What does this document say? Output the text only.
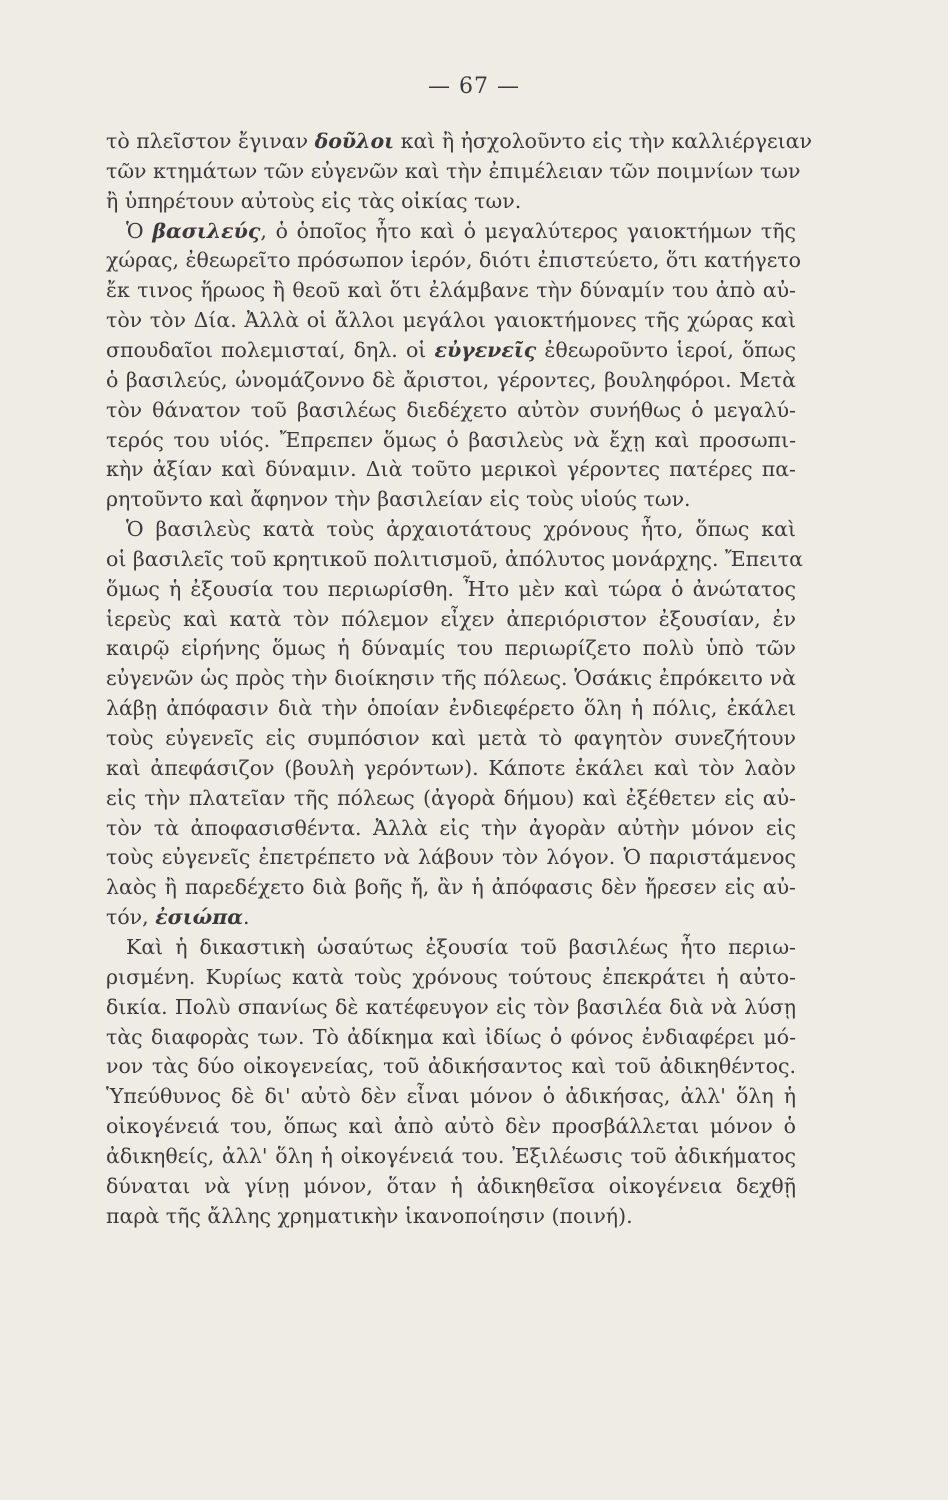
— 67 —
τὸ πλεῖστον ἔγιναν δοῦλοι καὶ ἢ ἠσχολοῦντο εἰς τὴν καλλιέργειαν
τῶν κτημάτων τῶν εὐγενῶν καὶ τὴν ἐπιμέλειαν τῶν ποιμνίων των
ἢ ὑπηρέτουν αὐτοὺς εἰς τὰς οἰκίας των.
Ὁ βασιλεύς, ὁ ὁποῖος ἦτο καὶ ὁ μεγαλύτερος γαιοκτήμων τῆς
χώρας, ἐθεωρεῖτο πρόσωπον ἱερόν, διότι ἐπιστεύετο, ὅτι κατήγετο
ἔκ τινος ἥρωος ἢ θεοῦ καὶ ὅτι ἐλάμβανε τὴν δύναμίν του ἀπὸ αὐ-
τὸν τὸν Δία. Ἀλλὰ οἱ ἄλλοι μεγάλοι γαιοκτήμονες τῆς χώρας καὶ
σπουδαῖοι πολεμισταί, δηλ. οἱ εὐγενεῖς ἐθεωροῦντο ἱεροί, ὅπως
ὁ βασιλεύς, ὠνομάζοννο δὲ ἄριστοι, γέροντες, βουληφόροι. Μετὰ
τὸν θάνατον τοῦ βασιλέως διεδέχετο αὐτὸν συνήθως ὁ μεγαλύ-
τερός του υἱός. Ἔπρεπεν ὅμως ὁ βασιλεὺς νὰ ἔχῃ καὶ προσωπι-
κὴν ἀξίαν καὶ δύναμιν. Διὰ τοῦτο μερικοὶ γέροντες πατέρες πα-
ρητοῦντο καὶ ἄφηνον τὴν βασιλείαν εἰς τοὺς υἱούς των.
Ὁ βασιλεὺς κατὰ τοὺς ἀρχαιοτάτους χρόνους ἦτο, ὅπως καὶ
οἱ βασιλεῖς τοῦ κρητικοῦ πολιτισμοῦ, ἀπόλυτος μονάρχης. Ἔπειτα
ὅμως ἡ ἐξουσία του περιωρίσθη. Ἦτο μὲν καὶ τώρα ὁ ἀνώτατος
ἱερεὺς καὶ κατὰ τὸν πόλεμον εἶχεν ἀπεριόριστον ἐξουσίαν, ἐν
καιρῷ εἰρήνης ὅμως ἡ δύναμίς του περιωρίζετο πολὺ ὑπὸ τῶν
εὐγενῶν ὡς πρὸς τὴν διοίκησιν τῆς πόλεως. Ὁσάκις ἐπρόκειτο νὰ
λάβῃ ἀπόφασιν διὰ τὴν ὁποίαν ἐνδιεφέρετο ὅλη ἡ πόλις, ἐκάλει
τοὺς εὐγενεῖς εἰς συμπόσιον καὶ μετὰ τὸ φαγητὸν συνεζήτουν
καὶ ἀπεφάσιζον (βουλὴ γερόντων). Κάποτε ἐκάλει καὶ τὸν λαὸν
εἰς τὴν πλατεῖαν τῆς πόλεως (ἀγορὰ δήμου) καὶ ἐξέθετεν εἰς αὐ-
τὸν τὰ ἀποφασισθέντα. Ἀλλὰ εἰς τὴν ἀγορὰν αὐτὴν μόνον εἰς
τοὺς εὐγενεῖς ἐπετρέπετο νὰ λάβουν τὸν λόγον. Ὁ παριστάμενος
λαὸς ἢ παρεδέχετο διὰ βοῆς ἤ, ἂν ἡ ἀπόφασις δὲν ἤρεσεν εἰς αὐ-
τόν, ἐσιώπα.
Καὶ ἡ δικαστικὴ ὡσαύτως ἐξουσία τοῦ βασιλέως ἦτο περιω-
ρισμένη. Κυρίως κατὰ τοὺς χρόνους τούτους ἐπεκράτει ἡ αὐτο-
δικία. Πολὺ σπανίως δὲ κατέφευγον εἰς τὸν βασιλέα διὰ νὰ λύσῃ
τὰς διαφορὰς των. Τὸ ἀδίκημα καὶ ἰδίως ὁ φόνος ἐνδιαφέρει μό-
νον τὰς δύο οἰκογενείας, τοῦ ἀδικήσαντος καὶ τοῦ ἀδικηθέντος.
Ὑπεύθυνος δὲ δι' αὐτὸ δὲν εἶναι μόνον ὁ ἀδικήσας, ἀλλ' ὅλη ἡ
οἰκογένειά του, ὅπως καὶ ἀπὸ αὐτὸ δὲν προσβάλλεται μόνον ὁ
ἀδικηθείς, ἀλλ' ὅλη ἡ οἰκογένειά του. Ἐξιλέωσις τοῦ ἀδικήματος
δύναται νὰ γίνῃ μόνον, ὅταν ἡ ἀδικηθεῖσα οἰκογένεια δεχθῇ
παρὰ τῆς ἄλλης χρηματικὴν ἱκανοποίησιν (ποινή).
